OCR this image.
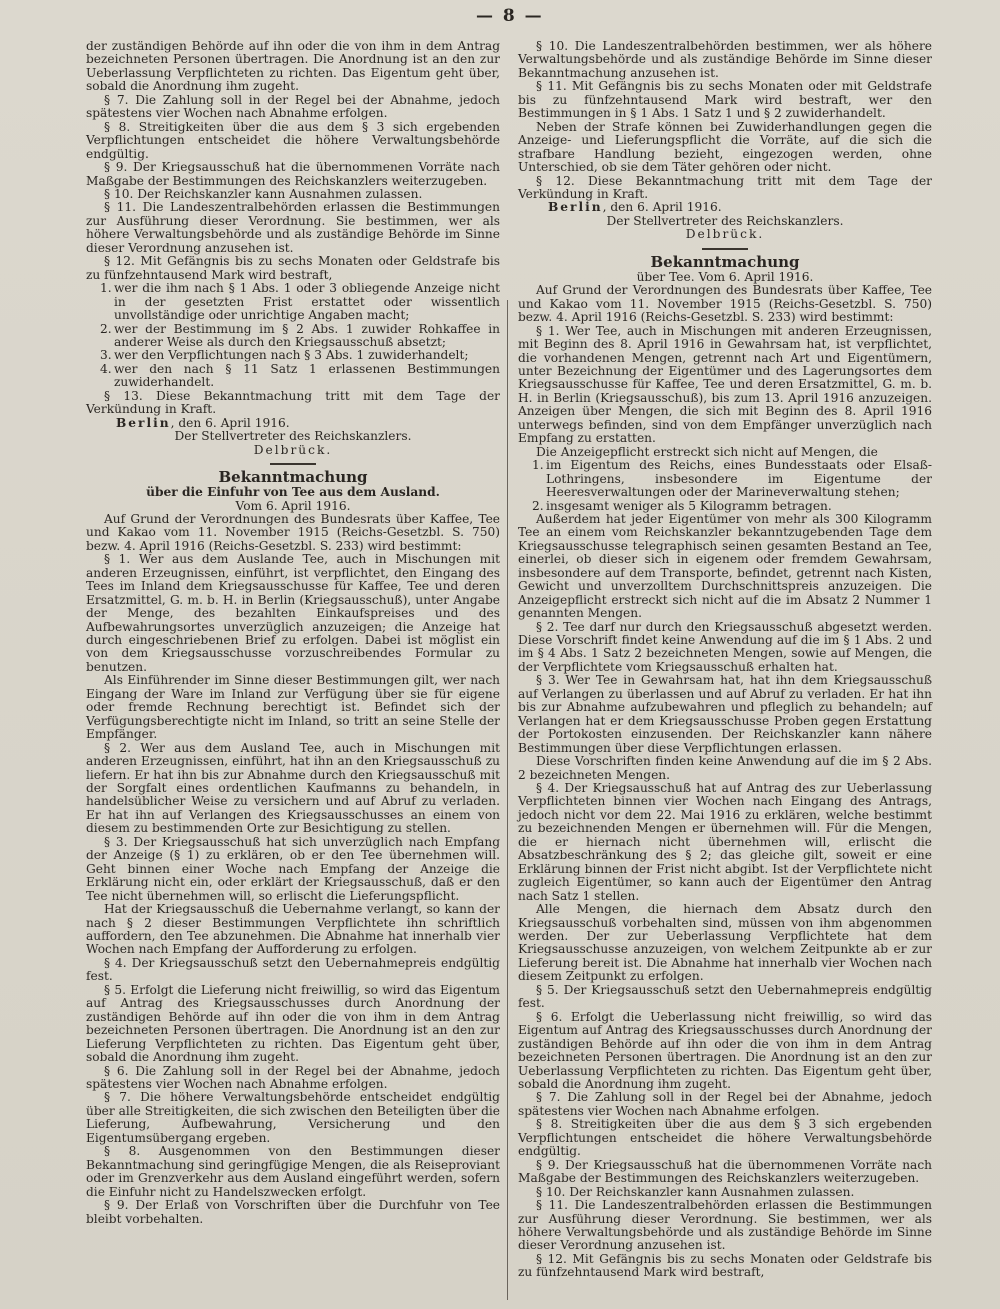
— 8 —

der zuständigen Behörde auf ihn oder die von ihm in dem Antrag bezeichneten Personen übertragen. Die Anordnung ist an den zur Ueberlassung Verpflichteten zu richten. Das Eigentum geht über, sobald die Anordnung ihm zugeht.

§ 7. Die Zahlung soll in der Regel bei der Abnahme, jedoch spätestens vier Wochen nach Abnahme erfolgen.

§ 8. Streitigkeiten über die aus dem § 3 sich ergebenden Verpflichtungen entscheidet die höhere Verwaltungsbehörde endgültig.

§ 9. Der Kriegsausschuß hat die übernommenen Vorräte nach Maßgabe der Bestimmungen des Reichskanzlers weiterzugeben.

§ 10. Der Reichskanzler kann Ausnahmen zulassen.

§ 11. Die Landeszentralbehörden erlassen die Bestimmungen zur Ausführung dieser Verordnung. Sie bestimmen, wer als höhere Verwaltungsbehörde und als zuständige Behörde im Sinne dieser Verordnung anzusehen ist.

§ 12. Mit Gefängnis bis zu sechs Monaten oder Geldstrafe bis zu fünfzehntausend Mark wird bestraft,

1. wer die ihm nach § 1 Abs. 1 oder 3 obliegende Anzeige nicht in der gesetzten Frist erstattet oder wissentlich unvollständige oder unrichtige Angaben macht;

2. wer der Bestimmung im § 2 Abs. 1 zuwider Rohkaffee in anderer Weise als durch den Kriegsausschuß absetzt;

3. wer den Verpflichtungen nach § 3 Abs. 1 zuwiderhandelt;

4. wer den nach § 11 Satz 1 erlassenen Bestimmungen zuwiderhandelt.

§ 13. Diese Bekanntmachung tritt mit dem Tage der Verkündung in Kraft.

Berlin, den 6. April 1916.

Der Stellvertreter des Reichskanzlers.

Delbrück.

Bekanntmachung

über die Einfuhr von Tee aus dem Ausland.

Vom 6. April 1916.

Auf Grund der Verordnungen des Bundesrats über Kaffee, Tee und Kakao vom 11. November 1915 (Reichs-Gesetzbl. S. 750) bezw. 4. April 1916 (Reichs-Gesetzbl. S. 233) wird bestimmt:

§ 1. Wer aus dem Auslande Tee, auch in Mischungen mit anderen Erzeugnissen, einführt, ist verpflichtet, den Eingang des Tees im Inland dem Kriegsausschusse für Kaffee, Tee und deren Ersatzmittel, G. m. b. H. in Berlin (Kriegsausschuß), unter Angabe der Menge, des bezahlten Einkaufspreises und des Aufbewahrungsortes unverzüglich anzuzeigen; die Anzeige hat durch eingeschriebenen Brief zu erfolgen. Dabei ist möglist ein von dem Kriegsausschusse vorzuschreibendes Formular zu benutzen.

Als Einführender im Sinne dieser Bestimmungen gilt, wer nach Eingang der Ware im Inland zur Verfügung über sie für eigene oder fremde Rechnung berechtigt ist. Befindet sich der Verfügungsberechtigte nicht im Inland, so tritt an seine Stelle der Empfänger.

§ 2. Wer aus dem Ausland Tee, auch in Mischungen mit anderen Erzeugnissen, einführt, hat ihn an den Kriegsausschuß zu liefern. Er hat ihn bis zur Abnahme durch den Kriegsausschuß mit der Sorgfalt eines ordentlichen Kaufmanns zu behandeln, in handelsüblicher Weise zu versichern und auf Abruf zu verladen. Er hat ihn auf Verlangen des Kriegsausschusses an einem von diesem zu bestimmenden Orte zur Besichtigung zu stellen.

§ 3. Der Kriegsausschuß hat sich unverzüglich nach Empfang der Anzeige (§ 1) zu erklären, ob er den Tee übernehmen will. Geht binnen einer Woche nach Empfang der Anzeige die Erklärung nicht ein, oder erklärt der Kriegsausschuß, daß er den Tee nicht übernehmen will, so erlischt die Lieferungspflicht.

Hat der Kriegsausschuß die Uebernahme verlangt, so kann der nach § 2 dieser Bestimmungen Verpflichtete ihn schriftlich auffordern, den Tee abzunehmen. Die Abnahme hat innerhalb vier Wochen nach Empfang der Aufforderung zu erfolgen.

§ 4. Der Kriegsausschuß setzt den Uebernahmepreis endgültig fest.

§ 5. Erfolgt die Lieferung nicht freiwillig, so wird das Eigentum auf Antrag des Kriegsausschusses durch Anordnung der zuständigen Behörde auf ihn oder die von ihm in dem Antrag bezeichneten Personen übertragen. Die Anordnung ist an den zur Lieferung Verpflichteten zu richten. Das Eigentum geht über, sobald die Anordnung ihm zugeht.

§ 6. Die Zahlung soll in der Regel bei der Abnahme, jedoch spätestens vier Wochen nach Abnahme erfolgen.

§ 7. Die höhere Verwaltungsbehörde entscheidet endgültig über alle Streitigkeiten, die sich zwischen den Beteiligten über die Lieferung, Aufbewahrung, Versicherung und den Eigentumsübergang ergeben.

§ 8. Ausgenommen von den Bestimmungen dieser Bekanntmachung sind geringfügige Mengen, die als Reiseproviant oder im Grenzverkehr aus dem Ausland eingeführt werden, sofern die Einfuhr nicht zu Handelszwecken erfolgt.

§ 9. Der Erlaß von Vorschriften über die Durchfuhr von Tee bleibt vorbehalten.

§ 10. Die Landeszentralbehörden bestimmen, wer als höhere Verwaltungsbehörde und als zuständige Behörde im Sinne dieser Bekanntmachung anzusehen ist.

§ 11. Mit Gefängnis bis zu sechs Monaten oder mit Geldstrafe bis zu fünfzehntausend Mark wird bestraft, wer den Bestimmungen in § 1 Abs. 1 Satz 1 und § 2 zuwiderhandelt.

Neben der Strafe können bei Zuwiderhandlungen gegen die Anzeige- und Lieferungspflicht die Vorräte, auf die sich die strafbare Handlung bezieht, eingezogen werden, ohne Unterschied, ob sie dem Täter gehören oder nicht.

§ 12. Diese Bekanntmachung tritt mit dem Tage der Verkündung in Kraft.

Berlin, den 6. April 1916.

Der Stellvertreter des Reichskanzlers.

Delbrück.

Bekanntmachung

über Tee. Vom 6. April 1916.

Auf Grund der Verordnungen des Bundesrats über Kaffee, Tee und Kakao vom 11. November 1915 (Reichs-Gesetzbl. S. 750) bezw. 4. April 1916 (Reichs-Gesetzbl. S. 233) wird bestimmt:

§ 1. Wer Tee, auch in Mischungen mit anderen Erzeugnissen, mit Beginn des 8. April 1916 in Gewahrsam hat, ist verpflichtet, die vorhandenen Mengen, getrennt nach Art und Eigentümern, unter Bezeichnung der Eigentümer und des Lagerungsortes dem Kriegsausschusse für Kaffee, Tee und deren Ersatzmittel, G. m. b. H. in Berlin (Kriegsausschuß), bis zum 13. April 1916 anzuzeigen. Anzeigen über Mengen, die sich mit Beginn des 8. April 1916 unterwegs befinden, sind von dem Empfänger unverzüglich nach Empfang zu erstatten.

Die Anzeigepflicht erstreckt sich nicht auf Mengen, die

1. im Eigentum des Reichs, eines Bundesstaats oder Elsaß-Lothringens, insbesondere im Eigentume der Heeresverwaltungen oder der Marineverwaltung stehen;

2. insgesamt weniger als 5 Kilogramm betragen.

Außerdem hat jeder Eigentümer von mehr als 300 Kilogramm Tee an einem vom Reichskanzler bekanntzugebenden Tage dem Kriegsausschusse telegraphisch seinen gesamten Bestand an Tee, einerlei, ob dieser sich in eigenem oder fremdem Gewahrsam, insbesondere auf dem Transporte, befindet, getrennt nach Kisten, Gewicht und unverzolltem Durchschnittspreis anzuzeigen. Die Anzeigepflicht erstreckt sich nicht auf die im Absatz 2 Nummer 1 genannten Mengen.

§ 2. Tee darf nur durch den Kriegsausschuß abgesetzt werden. Diese Vorschrift findet keine Anwendung auf die im § 1 Abs. 2 und im § 4 Abs. 1 Satz 2 bezeichneten Mengen, sowie auf Mengen, die der Verpflichtete vom Kriegsausschuß erhalten hat.

§ 3. Wer Tee in Gewahrsam hat, hat ihn dem Kriegsausschuß auf Verlangen zu überlassen und auf Abruf zu verladen. Er hat ihn bis zur Abnahme aufzubewahren und pfleglich zu behandeln; auf Verlangen hat er dem Kriegsausschusse Proben gegen Erstattung der Portokosten einzusenden. Der Reichskanzler kann nähere Bestimmungen über diese Verpflichtungen erlassen.

Diese Vorschriften finden keine Anwendung auf die im § 2 Abs. 2 bezeichneten Mengen.

§ 4. Der Kriegsausschuß hat auf Antrag des zur Ueberlassung Verpflichteten binnen vier Wochen nach Eingang des Antrags, jedoch nicht vor dem 22. Mai 1916 zu erklären, welche bestimmt zu bezeichnenden Mengen er übernehmen will. Für die Mengen, die er hiernach nicht übernehmen will, erlischt die Absatzbeschränkung des § 2; das gleiche gilt, soweit er eine Erklärung binnen der Frist nicht abgibt. Ist der Verpflichtete nicht zugleich Eigentümer, so kann auch der Eigentümer den Antrag nach Satz 1 stellen.

Alle Mengen, die hiernach dem Absatz durch den Kriegsausschuß vorbehalten sind, müssen von ihm abgenommen werden. Der zur Ueberlassung Verpflichtete hat dem Kriegsausschusse anzuzeigen, von welchem Zeitpunkte ab er zur Lieferung bereit ist. Die Abnahme hat innerhalb vier Wochen nach diesem Zeitpunkt zu erfolgen.

§ 5. Der Kriegsausschuß setzt den Uebernahmepreis endgültig fest.

§ 6. Erfolgt die Ueberlassung nicht freiwillig, so wird das Eigentum auf Antrag des Kriegsausschusses durch Anordnung der zuständigen Behörde auf ihn oder die von ihm in dem Antrag bezeichneten Personen übertragen. Die Anordnung ist an den zur Ueberlassung Verpflichteten zu richten. Das Eigentum geht über, sobald die Anordnung ihm zugeht.

§ 7. Die Zahlung soll in der Regel bei der Abnahme, jedoch spätestens vier Wochen nach Abnahme erfolgen.

§ 8. Streitigkeiten über die aus dem § 3 sich ergebenden Verpflichtungen entscheidet die höhere Verwaltungsbehörde endgültig.

§ 9. Der Kriegsausschuß hat die übernommenen Vorräte nach Maßgabe der Bestimmungen des Reichskanzlers weiterzugeben.

§ 10. Der Reichskanzler kann Ausnahmen zulassen.

§ 11. Die Landeszentralbehörden erlassen die Bestimmungen zur Ausführung dieser Verordnung. Sie bestimmen, wer als höhere Verwaltungsbehörde und als zuständige Behörde im Sinne dieser Verordnung anzusehen ist.

§ 12. Mit Gefängnis bis zu sechs Monaten oder Geldstrafe bis zu fünfzehntausend Mark wird bestraft,
